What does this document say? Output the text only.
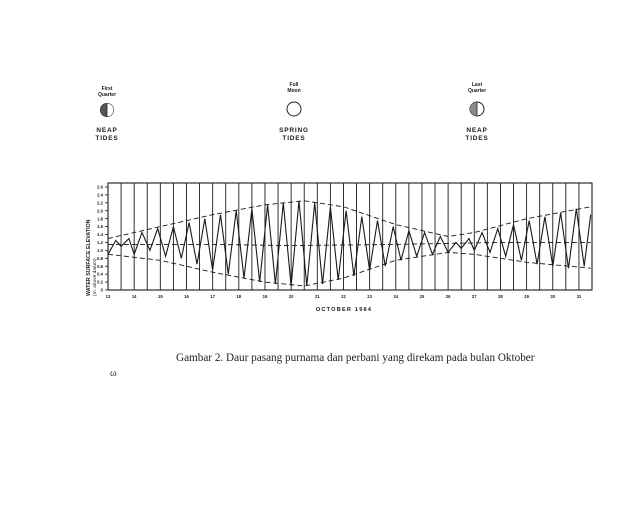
First
Quarter
NEAP
TIDES
Full
Moon
SPRING
TIDES
Last
Quarter
NEAP
TIDES
WATER SURFACE ELEVATION (m. above datum)
2.6
2.4
2.2
2.0
1.8
1.6
1.4
1.2
1.0
0.8
0.6
0.4
0.2
0
13	14	15	16	17	18	19	20	21	22	23	24	25	26	27	28	29	30	31
OCTOBER 1984
Gambar 2. Daur pasang purnama dan perbani yang direkam pada bulan Oktober
ω
